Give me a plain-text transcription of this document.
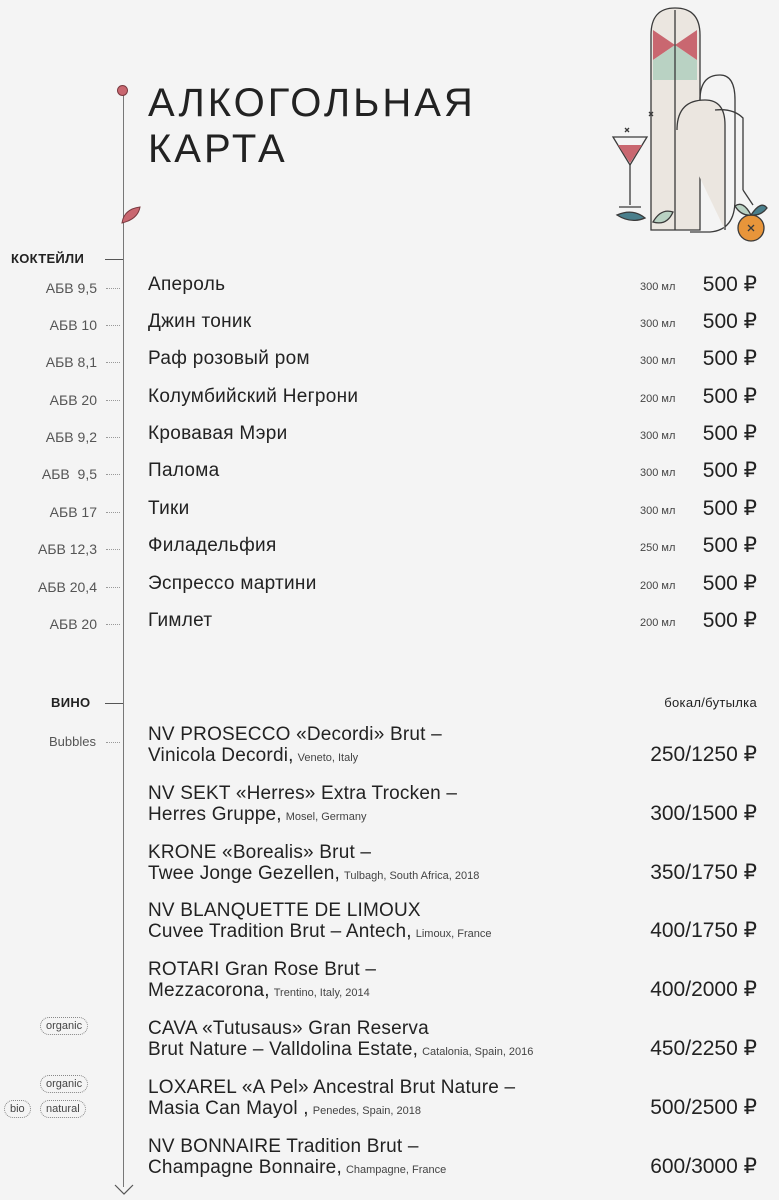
АЛКОГОЛЬНАЯ
КАРТА
КОКТЕЙЛИ
АБВ 9,5	Апероль	300 мл 500 ₽
АБВ 10	Джин тоник	300 мл 500 ₽
АБВ 8,1	Раф розовый ром	300 мл 500 ₽
АБВ 20	Колумбийский Негрони	200 мл 500 ₽
АБВ 9,2	Кровавая Мэри	300 мл 500 ₽
АБВ  9,5	Палома	300 мл 500 ₽
АБВ 17	Тики	300 мл 500 ₽
АБВ 12,3	Филадельфия	250 мл 500 ₽
АБВ 20,4	Эспрессо мартини	200 мл 500 ₽
АБВ 20	Гимлет	200 мл 500 ₽
ВИНО	бокал/бутылка
Bubbles	NV PROSECCO «Decordi» Brut –
Vinicola Decordi, Veneto, Italy	250/1250 ₽
NV SEKT «Herres» Extra Trocken –
Herres Gruppe, Mosel, Germany	300/1500 ₽
KRONE «Borealis» Brut –
Twee Jonge Gezellen, Tulbagh, South Africa, 2018	350/1750 ₽
NV BLANQUETTE DE LIMOUX
Cuvee Tradition Brut – Antech, Limoux, France	400/1750 ₽
ROTARI Gran Rose Brut –
Mezzacorona, Trentino, Italy, 2014	400/2000 ₽
CAVA «Tutusaus» Gran Reserva
Brut Nature – Valldolina Estate, Catalonia, Spain, 2016	450/2250 ₽
LOXAREL «A Pel» Ancestral Brut Nature –
Masia Can Mayol , Penedes, Spain, 2018	500/2500 ₽
NV BONNAIRE Tradition Brut –
Champagne Bonnaire, Champagne, France	600/3000 ₽
organic
organic
bio	natural
